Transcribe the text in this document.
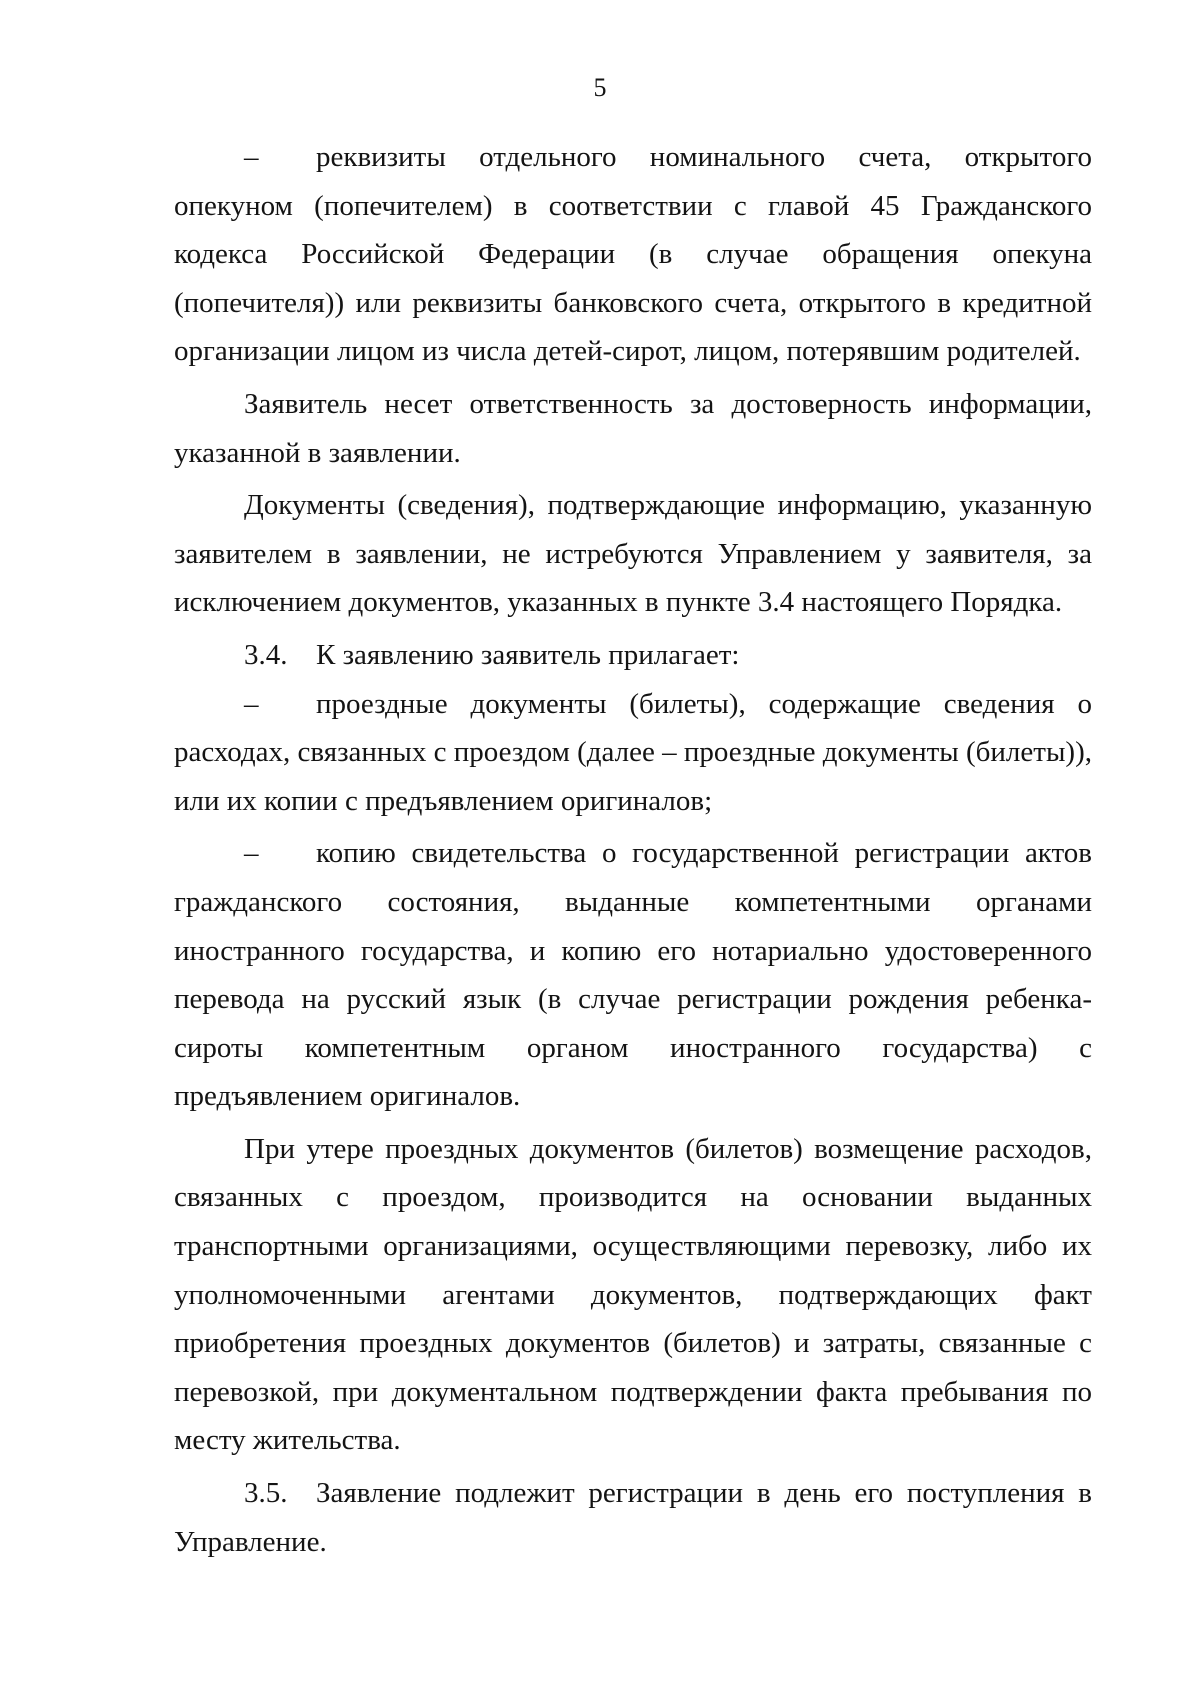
5

– реквизиты отдельного номинального счета, открытого опекуном (попечителем) в соответствии с главой 45 Гражданского кодекса Российской Федерации (в случае обращения опекуна (попечителя)) или реквизиты банковского счета, открытого в кредитной организации лицом из числа детей-сирот, лицом, потерявшим родителей.

Заявитель несет ответственность за достоверность информации, указанной в заявлении.

Документы (сведения), подтверждающие информацию, указанную заявителем в заявлении, не истребуются Управлением у заявителя, за исключением документов, указанных в пункте 3.4 настоящего Порядка.

3.4. К заявлению заявитель прилагает:

– проездные документы (билеты), содержащие сведения о расходах, связанных с проездом (далее – проездные документы (билеты)), или их копии с предъявлением оригиналов;

– копию свидетельства о государственной регистрации актов гражданского состояния, выданные компетентными органами иностранного государства, и копию его нотариально удостоверенного перевода на русский язык (в случае регистрации рождения ребенка-сироты компетентным органом иностранного государства) с предъявлением оригиналов.

При утере проездных документов (билетов) возмещение расходов, связанных с проездом, производится на основании выданных транспортными организациями, осуществляющими перевозку, либо их уполномоченными агентами документов, подтверждающих факт приобретения проездных документов (билетов) и затраты, связанные с перевозкой, при документальном подтверждении факта пребывания по месту жительства.

3.5. Заявление подлежит регистрации в день его поступления в Управление.
